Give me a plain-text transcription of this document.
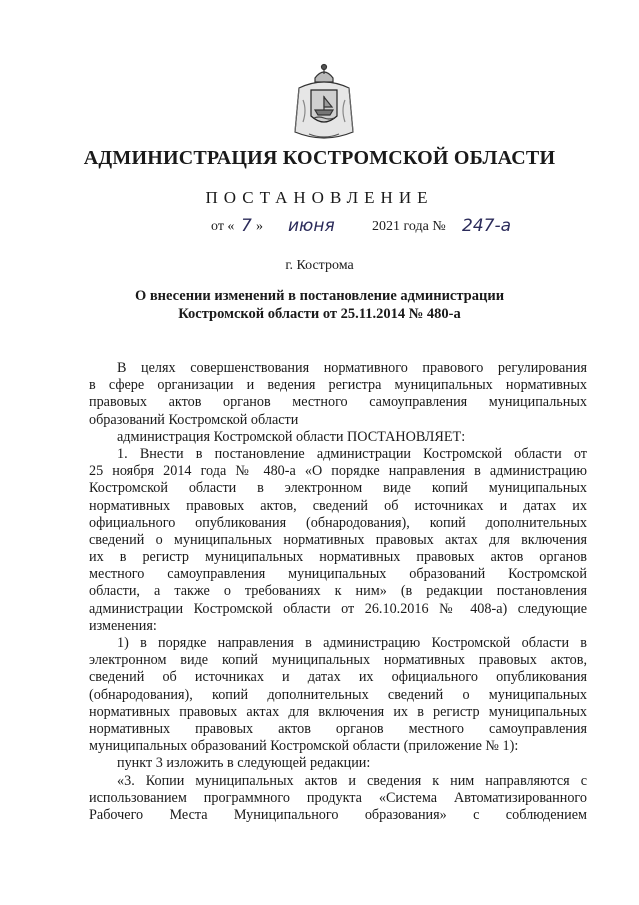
АДМИНИСТРАЦИЯ КОСТРОМСКОЙ ОБЛАСТИ
ПОСТАНОВЛЕНИЕ
от « 7 » июня	2021 года № 247-а
г. Кострома
О внесении изменений в постановление администрации
Костромской области от 25.11.2014 № 480-а
В целях совершенствования нормативного правового регулирования
в сфере организации и ведения регистра муниципальных нормативных
правовых актов органов местного самоуправления муниципальных
образований Костромской области
администрация Костромской области ПОСТАНОВЛЯЕТ:
1. Внести в постановление администрации Костромской области от
25 ноября 2014 года № 480-а «О порядке направления в администрацию
Костромской области в электронном виде копий муниципальных
нормативных правовых актов, сведений об источниках и датах их
официального опубликования (обнародования), копий дополнительных
сведений о муниципальных нормативных правовых актах для включения
их в регистр муниципальных нормативных правовых актов органов
местного самоуправления муниципальных образований Костромской
области, а также о требованиях к ним» (в редакции постановления
администрации Костромской области от 26.10.2016 № 408-а) следующие
изменения:
1) в порядке направления в администрацию Костромской области в
электронном виде копий муниципальных нормативных правовых актов,
сведений об источниках и датах их официального опубликования
(обнародования), копий дополнительных сведений о муниципальных
нормативных правовых актах для включения их в регистр муниципальных
нормативных правовых актов органов местного самоуправления
муниципальных образований Костромской области (приложение № 1):
пункт 3 изложить в следующей редакции:
«3. Копии муниципальных актов и сведения к ним направляются с
использованием программного продукта «Система Автоматизированного
Рабочего Места Муниципального образования» с соблюдением
